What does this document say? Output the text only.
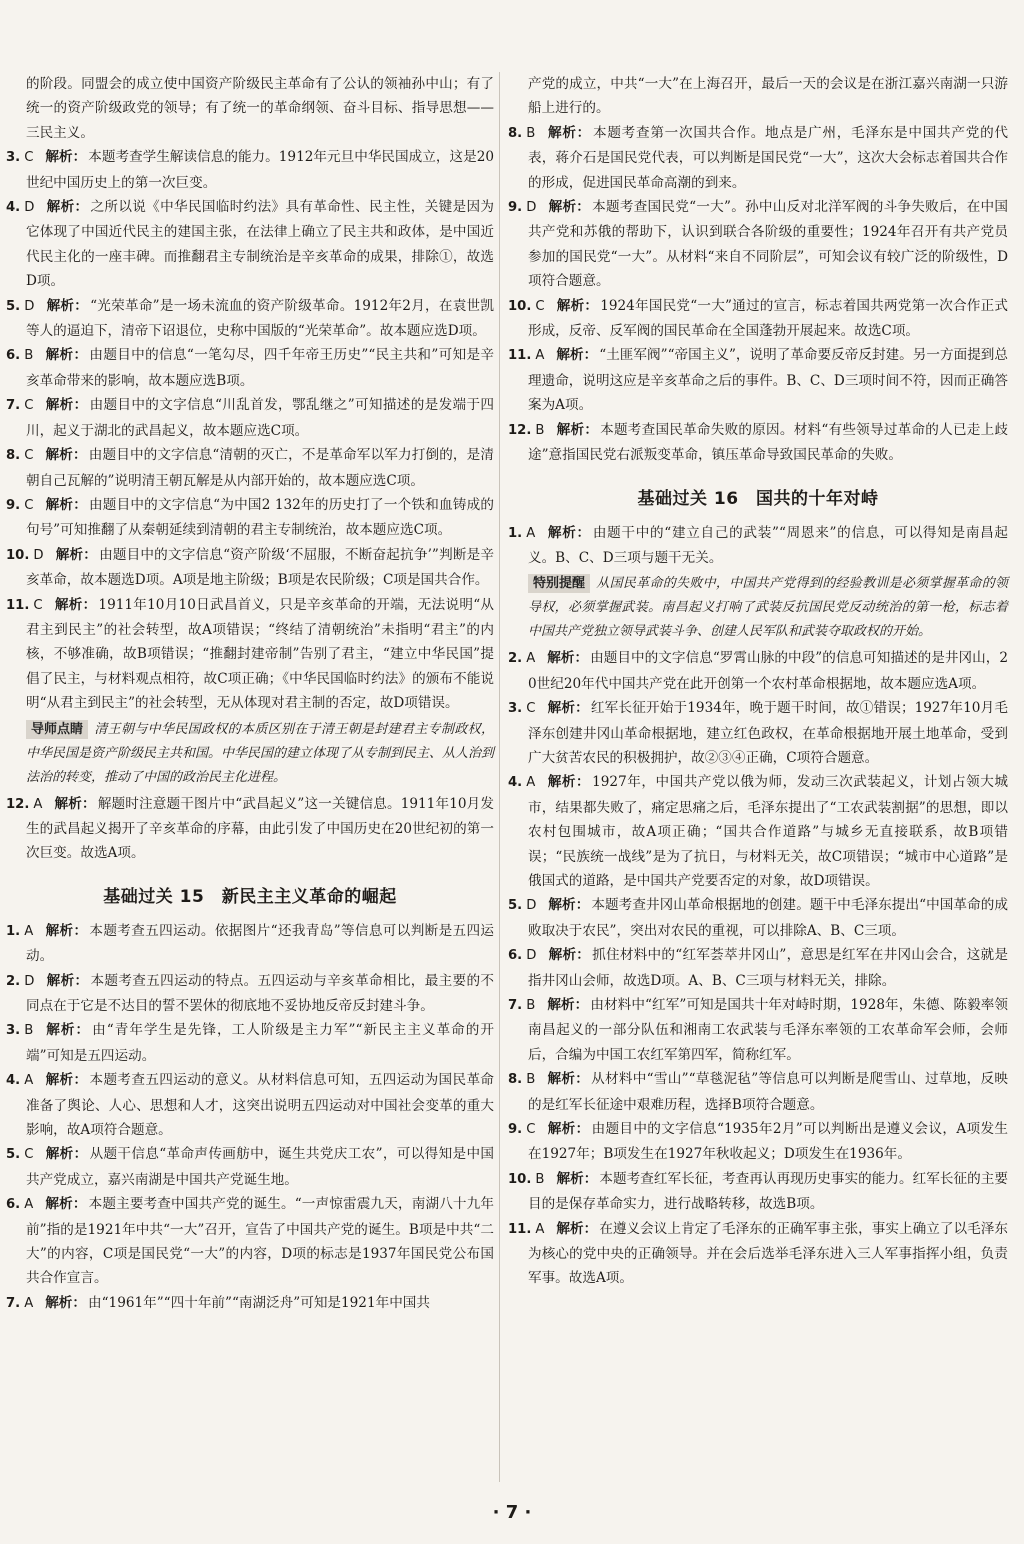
的阶段。同盟会的成立使中国资产阶级民主革命有了公认的领袖孙中山；有了统一的资产阶级政党的领导；有了统一的革命纲领、奋斗目标、指导思想——三民主义。

3. C 解析： 本题考查学生解读信息的能力。1912年元旦中华民国成立，这是20世纪中国历史上的第一次巨变。

4. D 解析： 之所以说《中华民国临时约法》具有革命性、民主性，关键是因为它体现了中国近代民主的建国主张，在法律上确立了民主共和政体，是中国近代民主化的一座丰碑。而推翻君主专制统治是辛亥革命的成果，排除①，故选D项。

5. D 解析： “光荣革命”是一场未流血的资产阶级革命。1912年2月，在袁世凯等人的逼迫下，清帝下诏退位，史称中国版的“光荣革命”。故本题应选D项。

6. B 解析： 由题目中的信息“一笔勾尽，四千年帝王历史”“民主共和”可知是辛亥革命带来的影响，故本题应选B项。

7. C 解析： 由题目中的文字信息“川乱首发，鄂乱继之”可知描述的是发端于四川，起义于湖北的武昌起义，故本题应选C项。

8. C 解析： 由题目中的文字信息“清朝的灭亡，不是革命军以军力打倒的，是清朝自己瓦解的”说明清王朝瓦解是从内部开始的，故本题应选C项。

9. C 解析： 由题目中的文字信息“为中国2 132年的历史打了一个铁和血铸成的句号”可知推翻了从秦朝延续到清朝的君主专制统治，故本题应选C项。

10. D 解析： 由题目中的文字信息“资产阶级‘不屈服，不断奋起抗争’”判断是辛亥革命，故本题选D项。A项是地主阶级；B项是农民阶级；C项是国共合作。

11. C 解析： 1911年10月10日武昌首义，只是辛亥革命的开端，无法说明“从君主到民主”的社会转型，故A项错误；“终结了清朝统治”未指明“君主”的内核，不够准确，故B项错误；“推翻封建帝制”告别了君主，“建立中华民国”提倡了民主，与材料观点相符，故C项正确；《中华民国临时约法》的颁布不能说明“从君主到民主”的社会转型，无从体现对君主制的否定，故D项错误。

导师点睛 清王朝与中华民国政权的本质区别在于清王朝是封建君主专制政权，中华民国是资产阶级民主共和国。中华民国的建立体现了从专制到民主、从人治到法治的转变，推动了中国的政治民主化进程。

12. A 解析： 解题时注意题干图片中“武昌起义”这一关键信息。1911年10月发生的武昌起义揭开了辛亥革命的序幕，由此引发了中国历史在20世纪初的第一次巨变。故选A项。

基础过关 15　新民主主义革命的崛起

1. A 解析： 本题考查五四运动。依据图片“还我青岛”等信息可以判断是五四运动。

2. D 解析： 本题考查五四运动的特点。五四运动与辛亥革命相比，最主要的不同点在于它是不达目的誓不罢休的彻底地不妥协地反帝反封建斗争。

3. B 解析： 由“青年学生是先锋，工人阶级是主力军”“新民主主义革命的开端”可知是五四运动。

4. A 解析： 本题考查五四运动的意义。从材料信息可知，五四运动为国民革命准备了舆论、人心、思想和人才，这突出说明五四运动对中国社会变革的重大影响，故A项符合题意。

5. C 解析： 从题干信息“革命声传画舫中，诞生共党庆工农”，可以得知是中国共产党成立，嘉兴南湖是中国共产党诞生地。

6. A 解析： 本题主要考查中国共产党的诞生。“一声惊雷震九天，南湖八十九年前”指的是1921年中共“一大”召开，宣告了中国共产党的诞生。B项是中共“二大”的内容，C项是国民党“一大”的内容，D项的标志是1937年国民党公布国共合作宣言。

7. A 解析： 由“1961年”“四十年前”“南湖泛舟”可知是1921年中国共

产党的成立，中共“一大”在上海召开，最后一天的会议是在浙江嘉兴南湖一只游船上进行的。

8. B 解析： 本题考查第一次国共合作。地点是广州，毛泽东是中国共产党的代表，蒋介石是国民党代表，可以判断是国民党“一大”，这次大会标志着国共合作的形成，促进国民革命高潮的到来。

9. D 解析： 本题考查国民党“一大”。孙中山反对北洋军阀的斗争失败后，在中国共产党和苏俄的帮助下，认识到联合各阶级的重要性；1924年召开有共产党员参加的国民党“一大”。从材料“来自不同阶层”，可知会议有较广泛的阶级性，D项符合题意。

10. C 解析： 1924年国民党“一大”通过的宣言，标志着国共两党第一次合作正式形成，反帝、反军阀的国民革命在全国蓬勃开展起来。故选C项。

11. A 解析： “土匪军阀”“帝国主义”，说明了革命要反帝反封建。另一方面提到总理遗命，说明这应是辛亥革命之后的事件。B、C、D三项时间不符，因而正确答案为A项。

12. B 解析： 本题考查国民革命失败的原因。材料“有些领导过革命的人已走上歧途”意指国民党右派叛变革命，镇压革命导致国民革命的失败。

基础过关 16　国共的十年对峙

1. A 解析： 由题干中的“建立自己的武装”“周恩来”的信息，可以得知是南昌起义。B、C、D三项与题干无关。

特别提醒 从国民革命的失败中，中国共产党得到的经验教训是必须掌握革命的领导权，必须掌握武装。南昌起义打响了武装反抗国民党反动统治的第一枪，标志着中国共产党独立领导武装斗争、创建人民军队和武装夺取政权的开始。

2. A 解析： 由题目中的文字信息“罗霄山脉的中段”的信息可知描述的是井冈山，20世纪20年代中国共产党在此开创第一个农村革命根据地，故本题应选A项。

3. C 解析： 红军长征开始于1934年，晚于题干时间，故①错误；1927年10月毛泽东创建井冈山革命根据地，建立红色政权，在革命根据地开展土地革命，受到广大贫苦农民的积极拥护，故②③④正确，C项符合题意。

4. A 解析： 1927年，中国共产党以俄为师，发动三次武装起义，计划占领大城市，结果都失败了，痛定思痛之后，毛泽东提出了“工农武装割据”的思想，即以农村包围城市，故A项正确；“国共合作道路”与城乡无直接联系，故B项错误；“民族统一战线”是为了抗日，与材料无关，故C项错误；“城市中心道路”是俄国式的道路，是中国共产党要否定的对象，故D项错误。

5. D 解析： 本题考查井冈山革命根据地的创建。题干中毛泽东提出“中国革命的成败取决于农民”，突出对农民的重视，可以排除A、B、C三项。

6. D 解析： 抓住材料中的“红军荟萃井冈山”，意思是红军在井冈山会合，这就是指井冈山会师，故选D项。A、B、C三项与材料无关，排除。

7. B 解析： 由材料中“红军”可知是国共十年对峙时期，1928年，朱德、陈毅率领南昌起义的一部分队伍和湘南工农武装与毛泽东率领的工农革命军会师，会师后，合编为中国工农红军第四军，简称红军。

8. B 解析： 从材料中“雪山”“草毯泥毡”等信息可以判断是爬雪山、过草地，反映的是红军长征途中艰难历程，选择B项符合题意。

9. C 解析： 由题目中的文字信息“1935年2月”可以判断出是遵义会议，A项发生在1927年；B项发生在1927年秋收起义；D项发生在1936年。

10. B 解析： 本题考查红军长征，考查再认再现历史事实的能力。红军长征的主要目的是保存革命实力，进行战略转移，故选B项。

11. A 解析： 在遵义会议上肯定了毛泽东的正确军事主张，事实上确立了以毛泽东为核心的党中央的正确领导。并在会后选举毛泽东进入三人军事指挥小组，负责军事。故选A项。

· 7 ·
